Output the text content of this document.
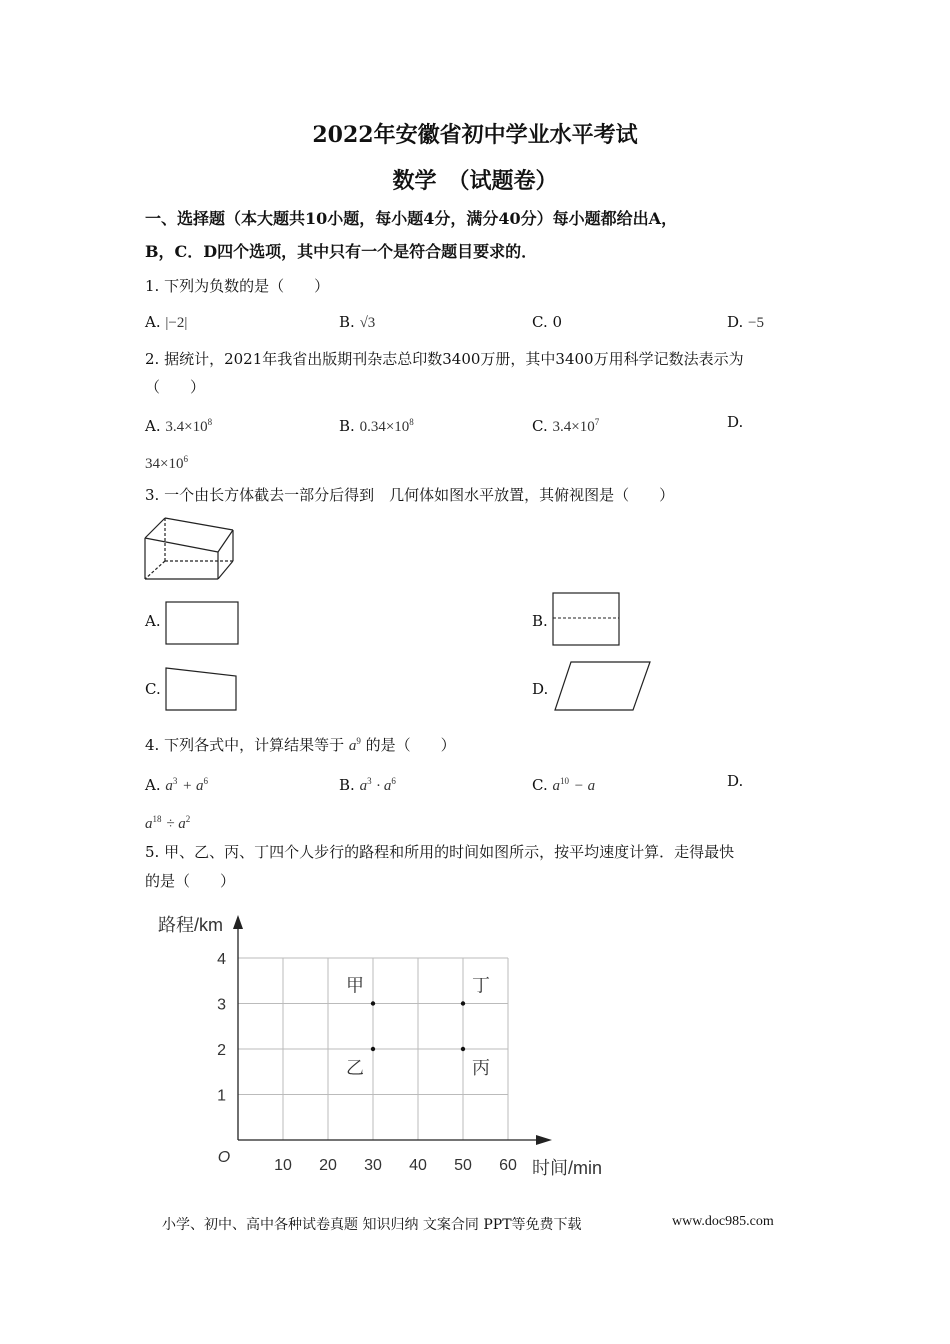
2022年安徽省初中学业水平考试
数学　（试题卷）
一、选择题（本大题共10小题，每小题4分，满分40分）每小题都给出A，
B，C．D四个选项，其中只有一个是符合题目要求的．
1. 下列为负数的是（　　）
A. |−2|	B. √3	C. 0	D. −5
2. 据统计，2021年我省出版期刊杂志总印数3400万册，其中3400万用科学记数法表示为
（　　）
A. $3.4\times 10^8$	B. $0.34\times 10^8$	C. $3.4\times 10^7$	D.
$34\times 10^6$
3. 一个由长方体截去一部分后得到　几何体如图水平放置，其俯视图是（　　）
A.	B.
C.	D.
4. 下列各式中，计算结果等于 $a^9$ 的是（　　）
A. $a^3 + a^6$	B. $a^3 \cdot a^6$	C. $a^{10} - a$	D.
$a^{18} \div a^2$
5. 甲、乙、丙、丁四个人步行的路程和所用的时间如图所示，按平均速度计算．走得最快
的是（　　）
10 20 30 40 50 60
1
2
3
4
O
路程/km
时间/min
甲
乙	丙
丁
小学、初中、高中各种试卷真题 知识归纳 文案合同 PPT等免费下载	www.doc985.com
